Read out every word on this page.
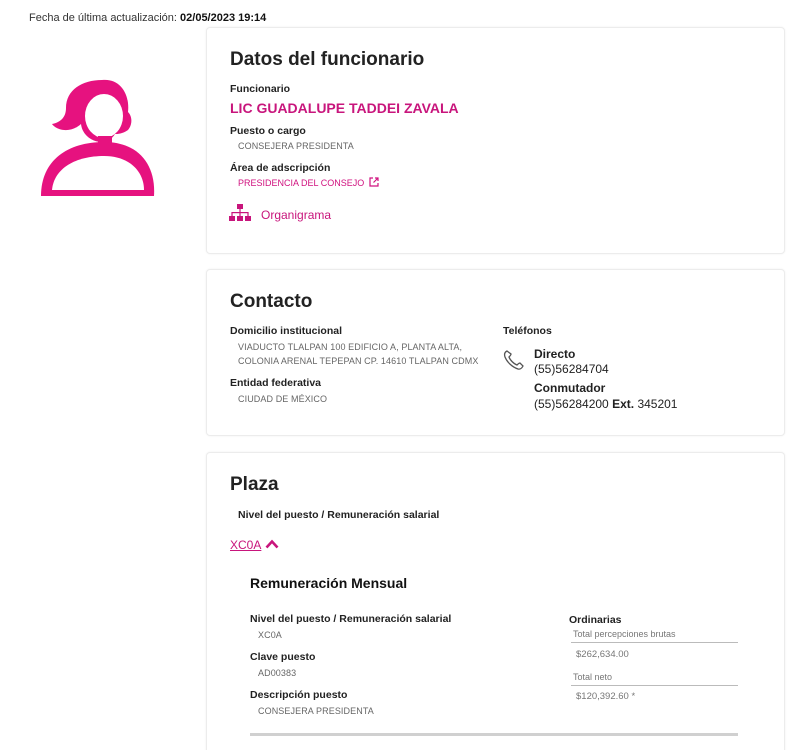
Fecha de última actualización: 02/05/2023 19:14
Datos del funcionario
Funcionario
LIC GUADALUPE TADDEI ZAVALA
Puesto o cargo
CONSEJERA PRESIDENTA
Área de adscripción
PRESIDENCIA DEL CONSEJO
Organigrama
Contacto
Domicilio institucional
VIADUCTO TLALPAN 100 EDIFICIO A, PLANTA ALTA,
COLONIA ARENAL TEPEPAN CP. 14610 TLALPAN CDMX
Entidad federativa
CIUDAD DE MÉXICO
Teléfonos
Directo
(55)56284704
Conmutador
(55)56284200 Ext. 345201
Plaza
Nivel del puesto / Remuneración salarial
XC0A
Remuneración Mensual
Nivel del puesto / Remuneración salarial
XC0A
Clave puesto
AD00383
Descripción puesto
CONSEJERA PRESIDENTA
Ordinarias
Total percepciones brutas
$262,634.00
Total neto
$120,392.60 *
